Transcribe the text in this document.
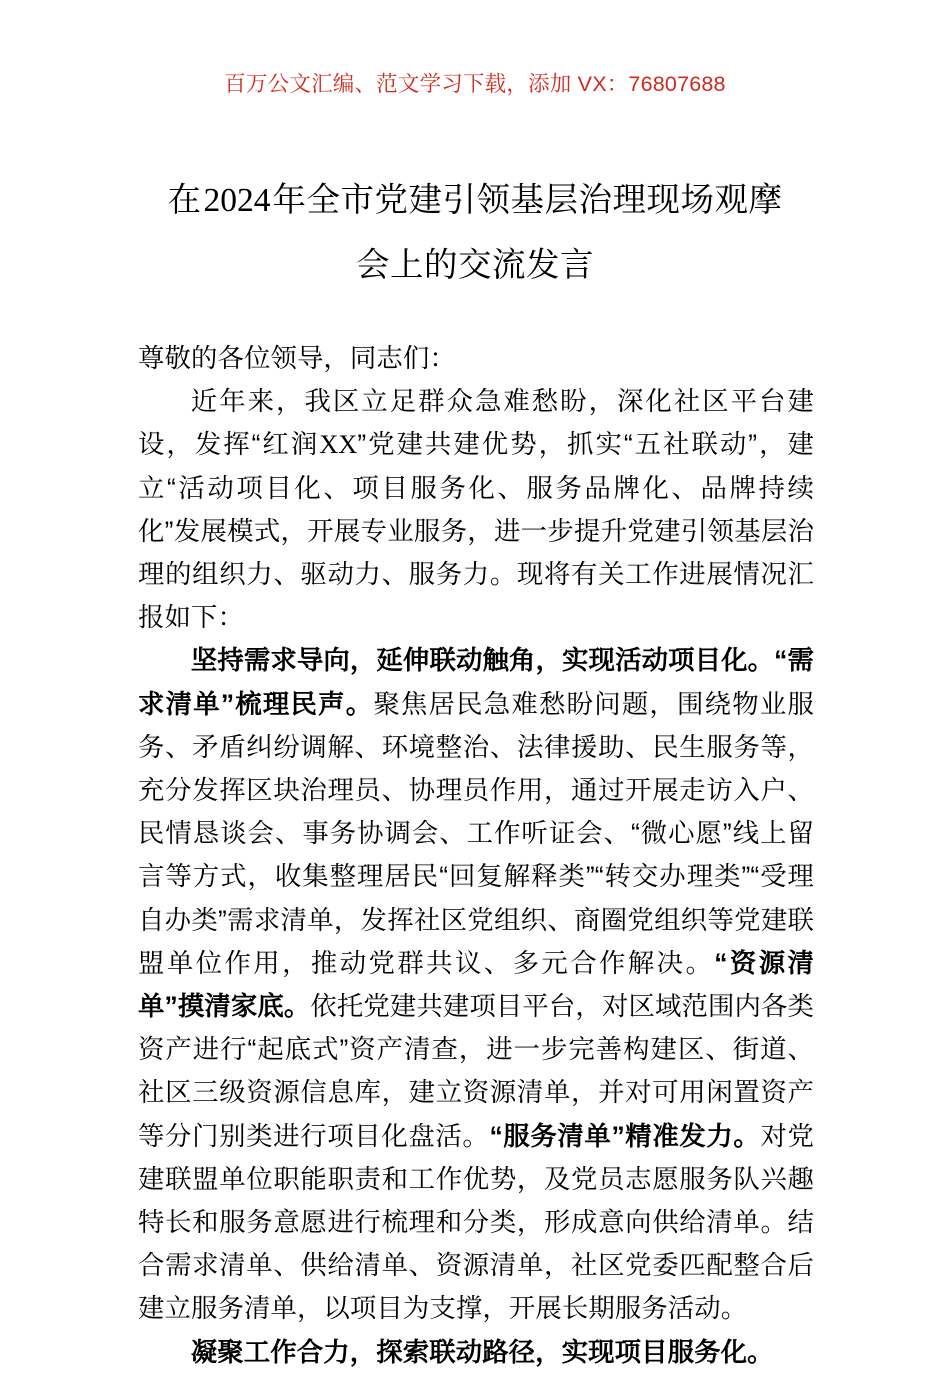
百万公文汇编、范文学习下载，添加 VX：76807688
在2024年全市党建引领基层治理现场观摩
会上的交流发言

尊敬的各位领导，同志们：

近年来，我区立足群众急难愁盼，深化社区平台建设，发挥“红润XX”党建共建优势，抓实“五社联动”，建立“活动项目化、项目服务化、服务品牌化、品牌持续化”发展模式，开展专业服务，进一步提升党建引领基层治理的组织力、驱动力、服务力。现将有关工作进展情况汇报如下：

坚持需求导向，延伸联动触角，实现活动项目化。“需求清单”梳理民声。聚焦居民急难愁盼问题，围绕物业服务、矛盾纠纷调解、环境整治、法律援助、民生服务等，充分发挥区块治理员、协理员作用，通过开展走访入户、民情恳谈会、事务协调会、工作听证会、“微心愿”线上留言等方式，收集整理居民“回复解释类”“转交办理类”“受理自办类”需求清单，发挥社区党组织、商圈党组织等党建联盟单位作用，推动党群共议、多元合作解决。“资源清单”摸清家底。依托党建共建项目平台，对区域范围内各类资产进行“起底式”资产清查，进一步完善构建区、街道、社区三级资源信息库，建立资源清单，并对可用闲置资产等分门别类进行项目化盘活。“服务清单”精准发力。对党建联盟单位职能职责和工作优势，及党员志愿服务队兴趣特长和服务意愿进行梳理和分类，形成意向供给清单。结合需求清单、供给清单、资源清单，社区党委匹配整合后建立服务清单，以项目为支撑，开展长期服务活动。

凝聚工作合力，探索联动路径，实现项目服务化。
